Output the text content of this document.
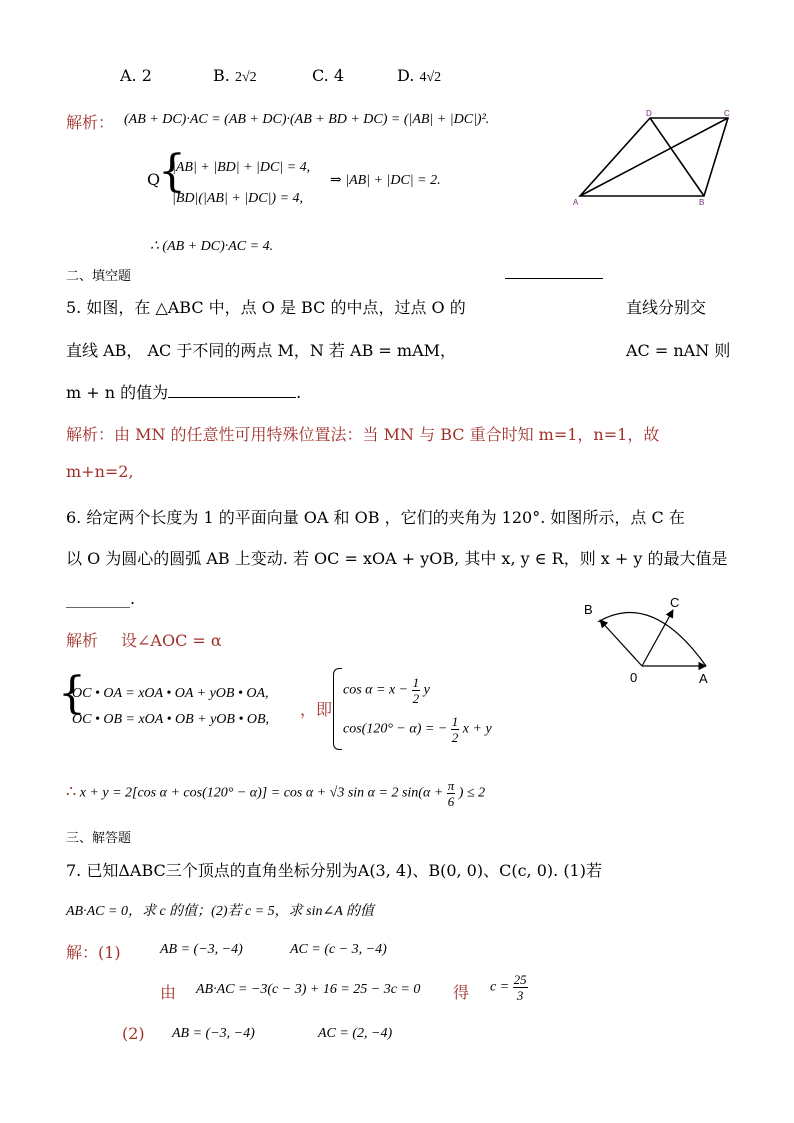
A. 2	B. 2√2	C. 4	D. 4√2
解析： (AB + DC)·AC = (AB + DC)·(AB + BD + DC) = (|AB| + |DC|)².
Q
{
|AB| + |BD| + |DC| = 4,
|BD|(|AB| + |DC|) = 4,
⇒ |AB| + |DC| = 2.
∴ (AB + DC)·AC = 4.
D	C
A	B
二、填空题
5. 如图，在 △ABC 中，点 O 是 BC 的中点，过点 O 的	直线分别交
直线 AB， AC 于不同的两点 M，N 若 AB = mAM，	AC = nAN 则
m + n 的值为	.
解析：由 MN 的任意性可用特殊位置法：当 MN 与 BC 重合时知 m=1，n=1，故
m+n=2,
6. 给定两个长度为 1 的平面向量 OA 和 OB ，它们的夹角为 120°. 如图所示，点 C 在
以 O 为圆心的圆弧 AB 上变动. 若 OC = xOA + yOB, 其中 x, y ∈ R，则 x + y 的最大值是
________.
解析 设∠AOC = α
{
OC • OA = xOA • OA + yOB • OA,
OC • OB = xOA • OB + yOB • OB,
，即
$\cos \alpha = x - \frac{1}{2}$ y
cos(120° − α) = − $\frac{1}{2}$ x + y
∴ x + y = 2[cos α + cos(120° − α)] = cos α + √3 sin α = 2 $\sin(\alpha + \frac{\pi}{6}$ ) ≤ 2
B	C
0	A
三、解答题
7. 已知ΔABC三个顶点的直角坐标分别为A(3, 4)、B(0, 0)、C(c, 0). (1)若
AB·AC = 0，求 c 的值；(2)若 c = 5，求 sin∠A 的值
解：(1)	AB = (−3, −4)	AC = (c − 3, −4)
由 AB·AC = −3(c − 3) + 16 = 25 − 3c = 0 得 $c = \frac{25}{3}$
(2) AB = (−3, −4)	AC = (2, −4)
